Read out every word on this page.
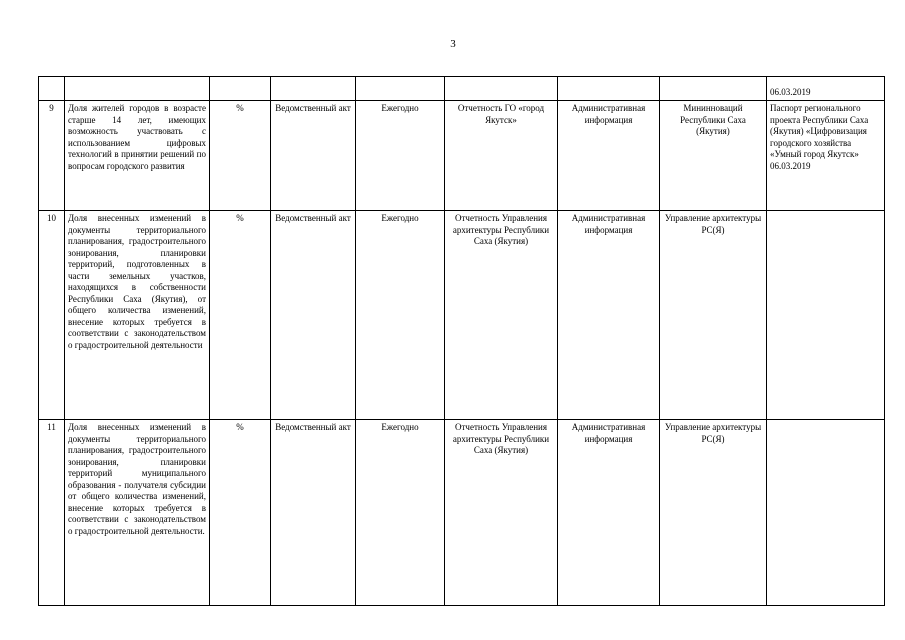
3
								06.03.2019
9	Доля жителей городов в возрасте старше 14 лет, имеющих возможность участвовать с использованием цифровых технологий в принятии решений по вопросам городского развития	%	Ведомственный акт	Ежегодно	Отчетность ГО «город Якутск»	Административная информация	Мининноваций Республики Саха (Якутия)	Паспорт регионального проекта Республики Саха (Якутия) «Цифровизация городского хозяйства «Умный город Якутск» 06.03.2019
10	Доля внесенных изменений в документы территориального планирования, градостроительного зонирования, планировки территорий, подготовленных в части земельных участков, находящихся в собственности Республики Саха (Якутия), от общего количества изменений, внесение которых требуется в соответствии с законодательством о градостроительной деятельности	%	Ведомственный акт	Ежегодно	Отчетность Управления архитектуры Республики Саха (Якутия)	Административная информация	Управление архитектуры РС(Я)	
11	Доля внесенных изменений в документы территориального планирования, градостроительного зонирования, планировки территорий муниципального образования - получателя субсидии от общего количества изменений, внесение которых требуется в соответствии с законодательством о градостроительной деятельности.	%	Ведомственный акт	Ежегодно	Отчетность Управления архитектуры Республики Саха (Якутия)	Административная информация	Управление архитектуры РС(Я)	
